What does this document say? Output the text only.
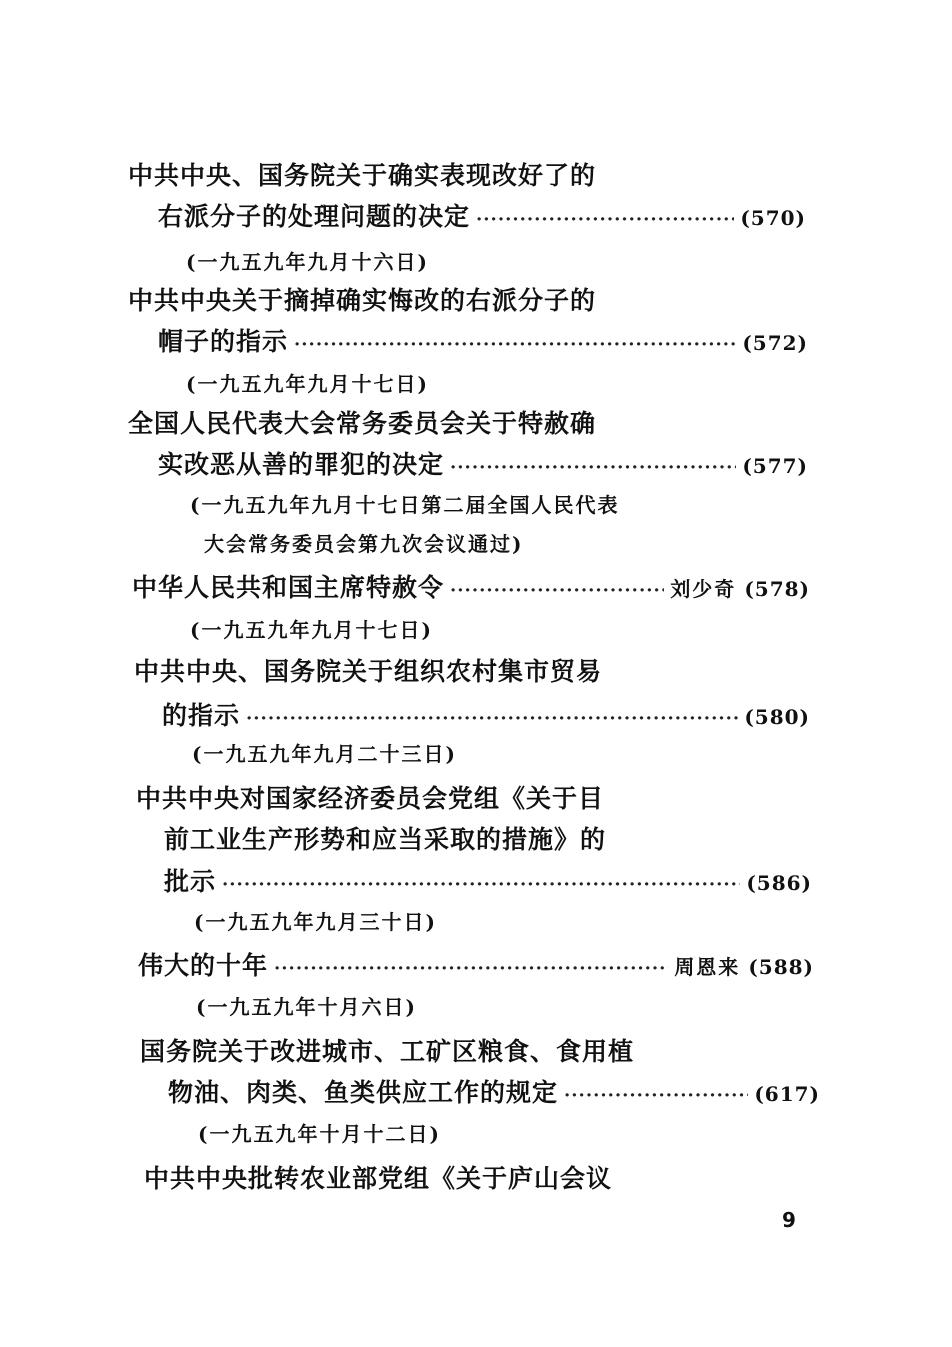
中共中央、国务院关于确实表现改好了的
右派分子的处理问题的决定 ·····	(570)
(一九五九年九月十六日)
中共中央关于摘掉确实悔改的右派分子的
帽子的指示 ·····	(572)
(一九五九年九月十七日)
全国人民代表大会常务委员会关于特赦确
实改恶从善的罪犯的决定 ·····	(577)
(一九五九年九月十七日第二届全国人民代表
大会常务委员会第九次会议通过)
中华人民共和国主席特赦令 ·····	刘少奇 (578)
(一九五九年九月十七日)
中共中央、国务院关于组织农村集市贸易
的指示 ·····	(580)
(一九五九年九月二十三日)
中共中央对国家经济委员会党组《关于目
前工业生产形势和应当采取的措施》的
批示 ·····	(586)
(一九五九年九月三十日)
伟大的十年 ·····	周恩来 (588)
(一九五九年十月六日)
国务院关于改进城市、工矿区粮食、食用植
物油、肉类、鱼类供应工作的规定 ·····	(617)
(一九五九年十月十二日)
中共中央批转农业部党组《关于庐山会议
9
